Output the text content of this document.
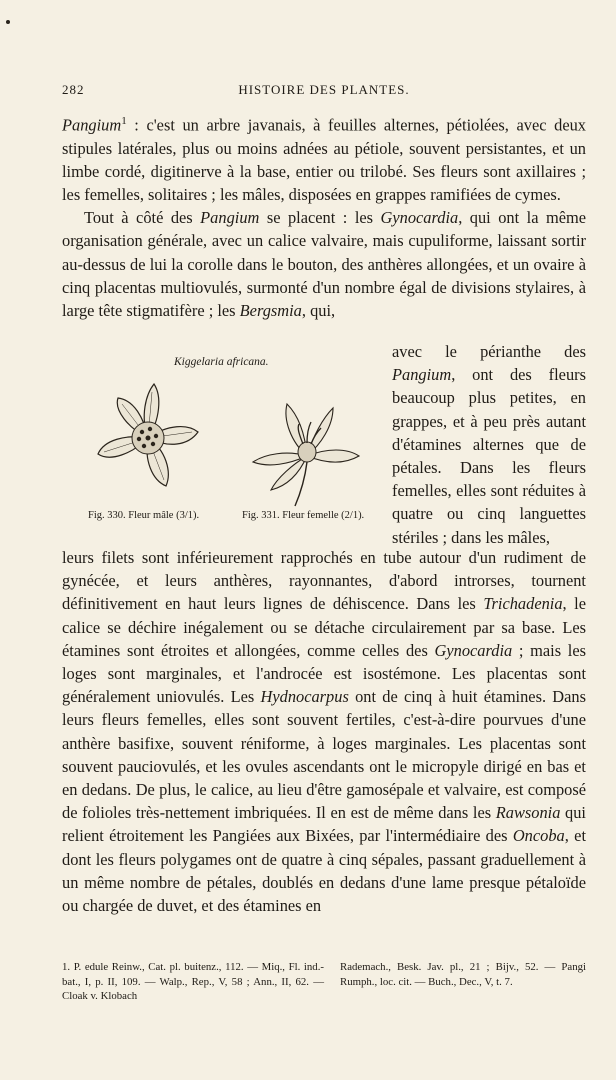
282	HISTOIRE DES PLANTES.

Pangium$^1$ : c'est un arbre javanais, à feuilles alternes, pétiolées, avec deux stipules latérales, plus ou moins adnées au pétiole, souvent persistantes, et un limbe cordé, digitinerve à la base, entier ou trilobé. Ses fleurs sont axillaires ; les femelles, solitaires ; les mâles, disposées en grappes ramifiées de cymes.

Tout à côté des Pangium se placent : les Gynocardia, qui ont la même organisation générale, avec un calice valvaire, mais cupuliforme, laissant sortir au-dessus de lui la corolle dans le bouton, des anthères allongées, et un ovaire à cinq placentas multiovulés, surmonté d'un nombre égal de divisions stylaires, à large tête stigmatifère ; les Bergsmia, qui,

Kiggelaria africana.
Fig. 330. Fleur mâle (3/1).	Fig. 331. Fleur femelle (2/1).

avec le périanthe des Pangium, ont des fleurs beaucoup plus petites, en grappes, et à peu près autant d'étamines alternes que de pétales. Dans les fleurs femelles, elles sont réduites à quatre ou cinq languettes stériles ; dans les mâles,

leurs filets sont inférieurement rapprochés en tube autour d'un rudiment de gynécée, et leurs anthères, rayonnantes, d'abord introrses, tournent définitivement en haut leurs lignes de déhiscence. Dans les Trichadenia, le calice se déchire inégalement ou se détache circulairement par sa base. Les étamines sont étroites et allongées, comme celles des Gynocardia ; mais les loges sont marginales, et l'androcée est isostémone. Les placentas sont généralement uniovulés. Les Hydnocarpus ont de cinq à huit étamines. Dans leurs fleurs femelles, elles sont souvent fertiles, c'est-à-dire pourvues d'une anthère basifixe, souvent réniforme, à loges marginales. Les placentas sont souvent pauciovulés, et les ovules ascendants ont le micropyle dirigé en bas et en dedans. De plus, le calice, au lieu d'être gamosépale et valvaire, est composé de folioles très-nettement imbriquées. Il en est de même dans les Rawsonia qui relient étroitement les Pangiées aux Bixées, par l'intermédiaire des Oncoba, et dont les fleurs polygames ont de quatre à cinq sépales, passant graduellement à un même nombre de pétales, doublés en dedans d'une lame presque pétaloïde ou chargée de duvet, et des étamines en

1. P. edule Reinw., Cat. pl. buitenz., 112. — Miq., Fl. ind.-bat., I, p. II, 109. — Walp., Rep., V, 58 ; Ann., II, 62. — Cloak v. Klobach
Rademach., Besk. Jav. pl., 21 ; Bijv., 52. — Pangi Rumph., loc. cit. — Buch., Dec., V, t. 7.
